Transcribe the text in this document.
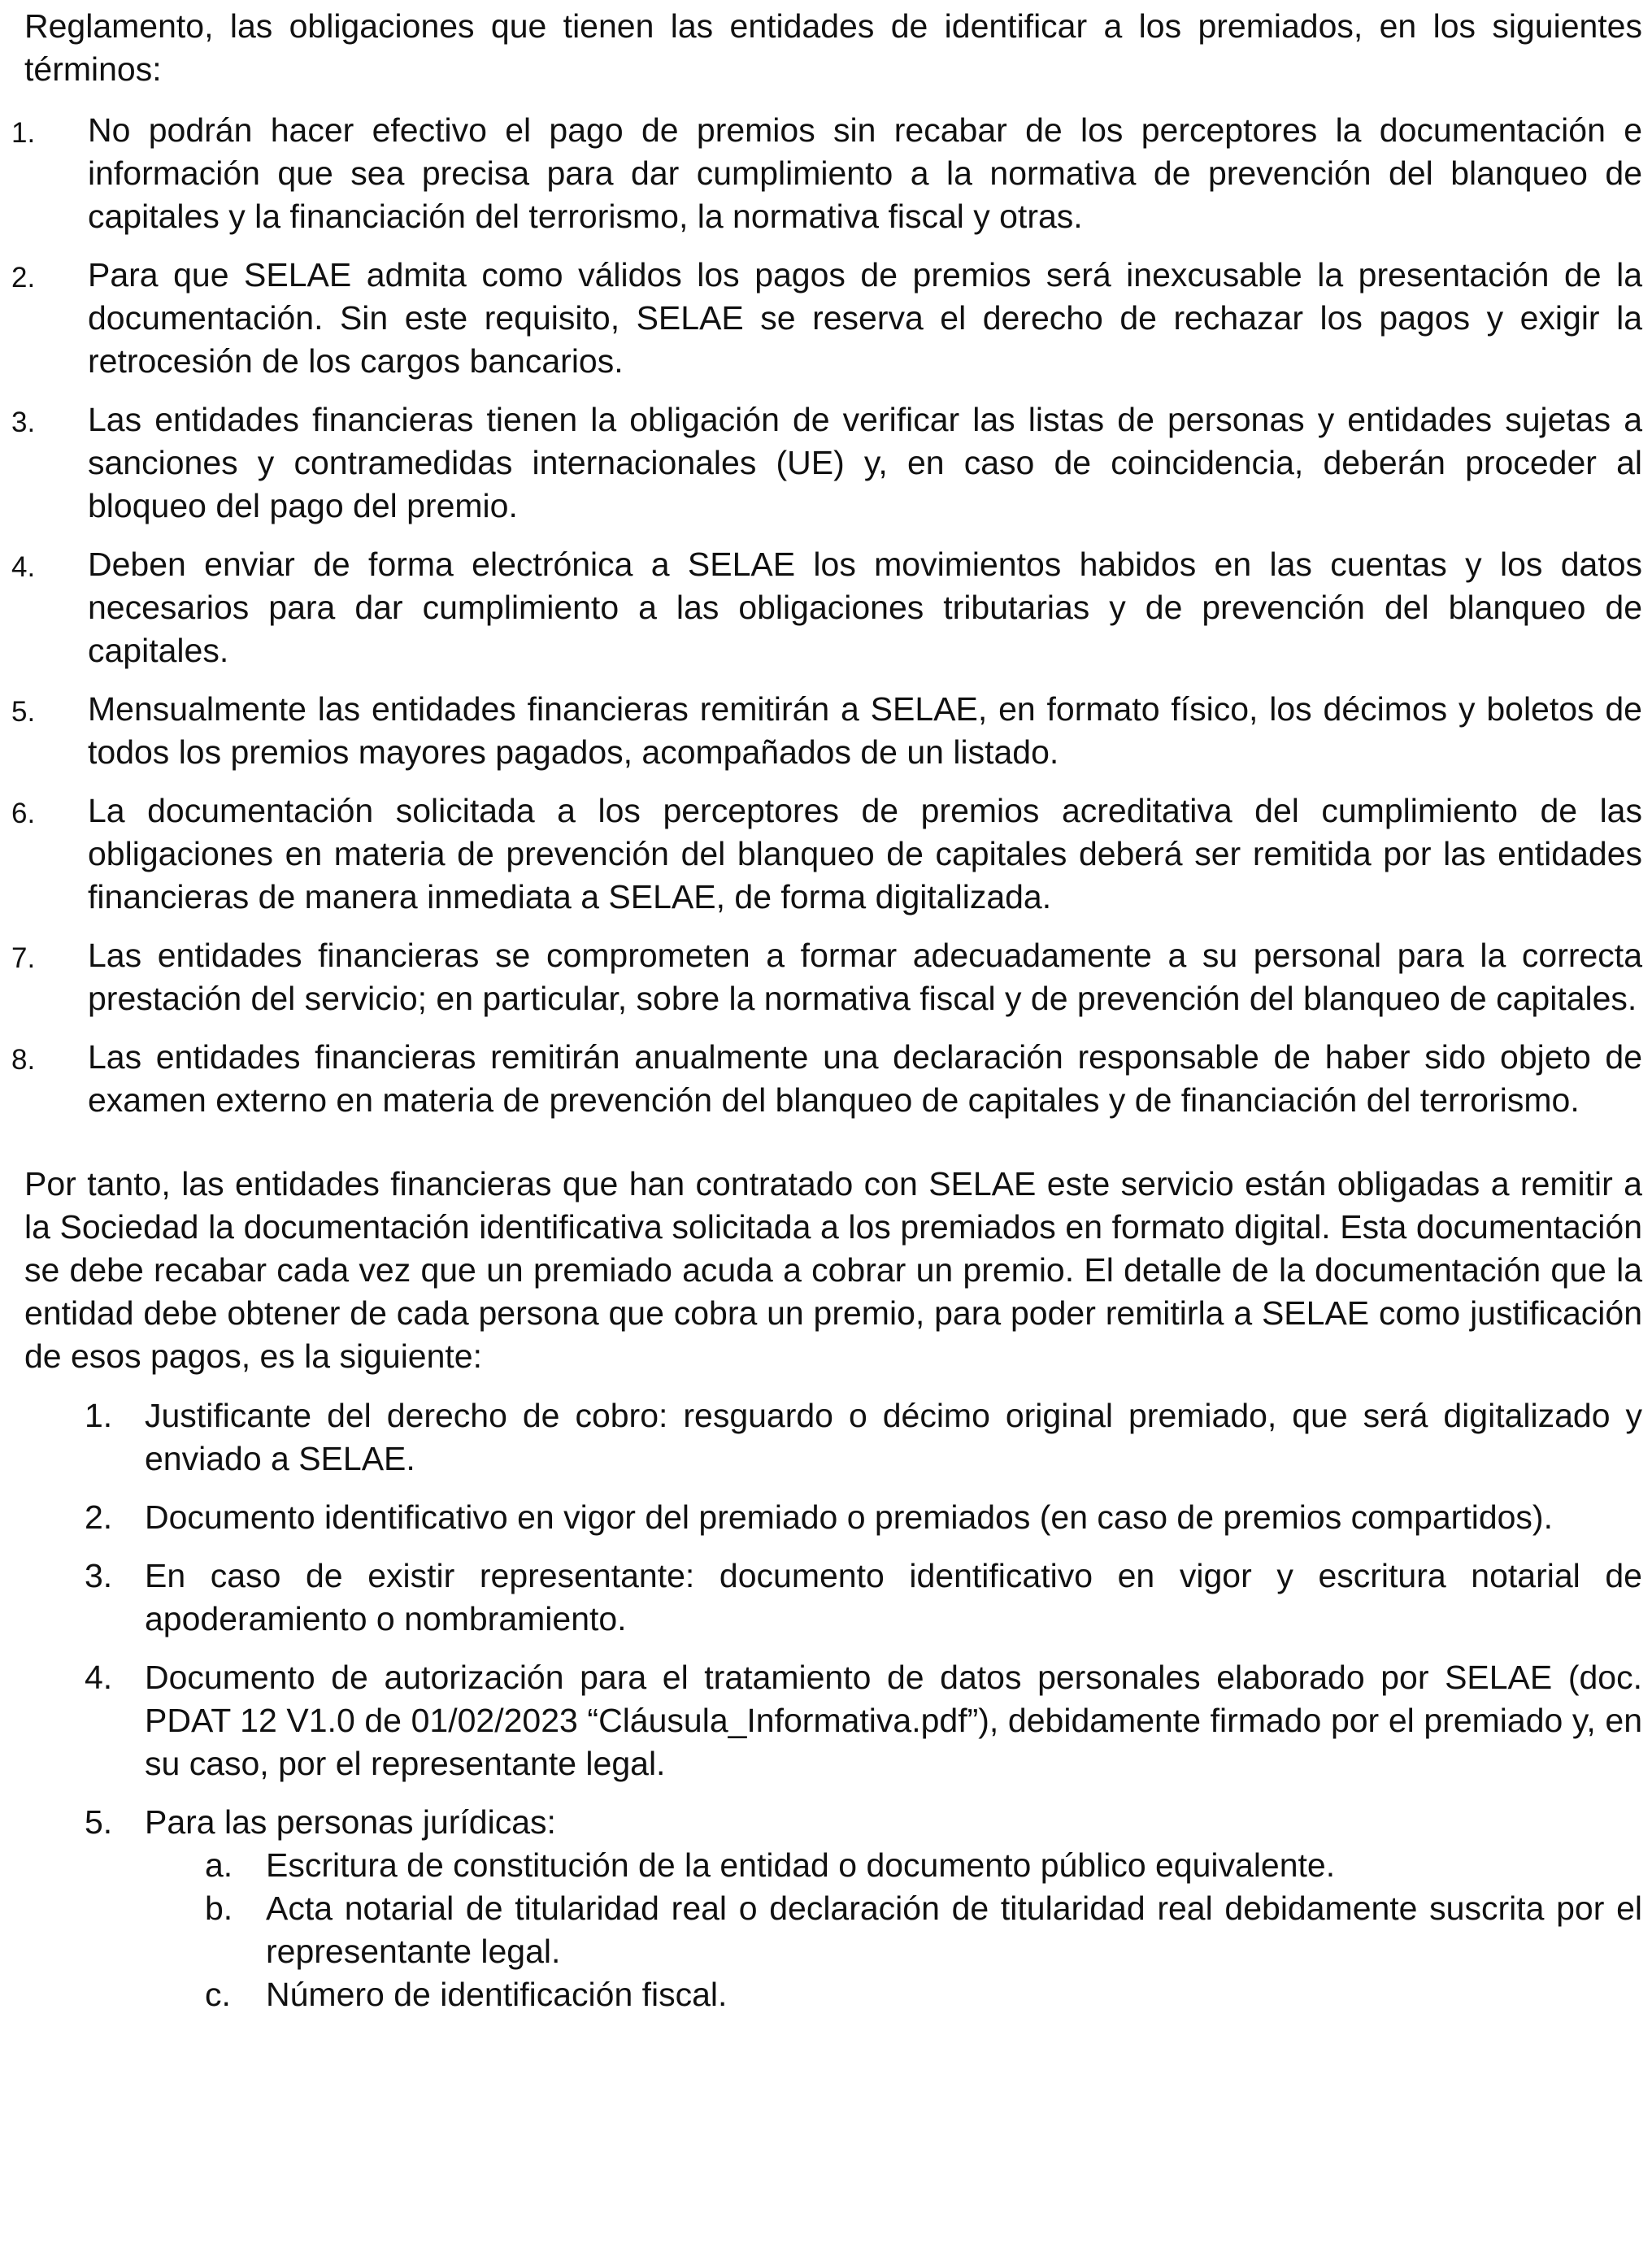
Reglamento, las obligaciones que tienen las entidades de identificar a los premiados, en los siguientes términos:

1. No podrán hacer efectivo el pago de premios sin recabar de los perceptores la documentación e información que sea precisa para dar cumplimiento a la normativa de prevención del blanqueo de capitales y la financiación del terrorismo, la normativa fiscal y otras.
2. Para que SELAE admita como válidos los pagos de premios será inexcusable la presentación de la documentación. Sin este requisito, SELAE se reserva el derecho de rechazar los pagos y exigir la retrocesión de los cargos bancarios.
3. Las entidades financieras tienen la obligación de verificar las listas de personas y entidades sujetas a sanciones y contramedidas internacionales (UE) y, en caso de coincidencia, deberán proceder al bloqueo del pago del premio.
4. Deben enviar de forma electrónica a SELAE los movimientos habidos en las cuentas y los datos necesarios para dar cumplimiento a las obligaciones tributarias y de prevención del blanqueo de capitales.
5. Mensualmente las entidades financieras remitirán a SELAE, en formato físico, los décimos y boletos de todos los premios mayores pagados, acompañados de un listado.
6. La documentación solicitada a los perceptores de premios acreditativa del cumplimiento de las obligaciones en materia de prevención del blanqueo de capitales deberá ser remitida por las entidades financieras de manera inmediata a SELAE, de forma digitalizada.
7. Las entidades financieras se comprometen a formar adecuadamente a su personal para la correcta prestación del servicio; en particular, sobre la normativa fiscal y de prevención del blanqueo de capitales.
8. Las entidades financieras remitirán anualmente una declaración responsable de haber sido objeto de examen externo en materia de prevención del blanqueo de capitales y de financiación del terrorismo.

Por tanto, las entidades financieras que han contratado con SELAE este servicio están obligadas a remitir a la Sociedad la documentación identificativa solicitada a los premiados en formato digital. Esta documentación se debe recabar cada vez que un premiado acuda a cobrar un premio. El detalle de la documentación que la entidad debe obtener de cada persona que cobra un premio, para poder remitirla a SELAE como justificación de esos pagos, es la siguiente:

1. Justificante del derecho de cobro: resguardo o décimo original premiado, que será digitalizado y enviado a SELAE.
2. Documento identificativo en vigor del premiado o premiados (en caso de premios compartidos).
3. En caso de existir representante: documento identificativo en vigor y escritura notarial de apoderamiento o nombramiento.
4. Documento de autorización para el tratamiento de datos personales elaborado por SELAE (doc. PDAT 12 V1.0 de 01/02/2023 “Cláusula_Informativa.pdf”), debidamente firmado por el premiado y, en su caso, por el representante legal.
5. Para las personas jurídicas:
a. Escritura de constitución de la entidad o documento público equivalente.
b. Acta notarial de titularidad real o declaración de titularidad real debidamente suscrita por el representante legal.
c. Número de identificación fiscal.
